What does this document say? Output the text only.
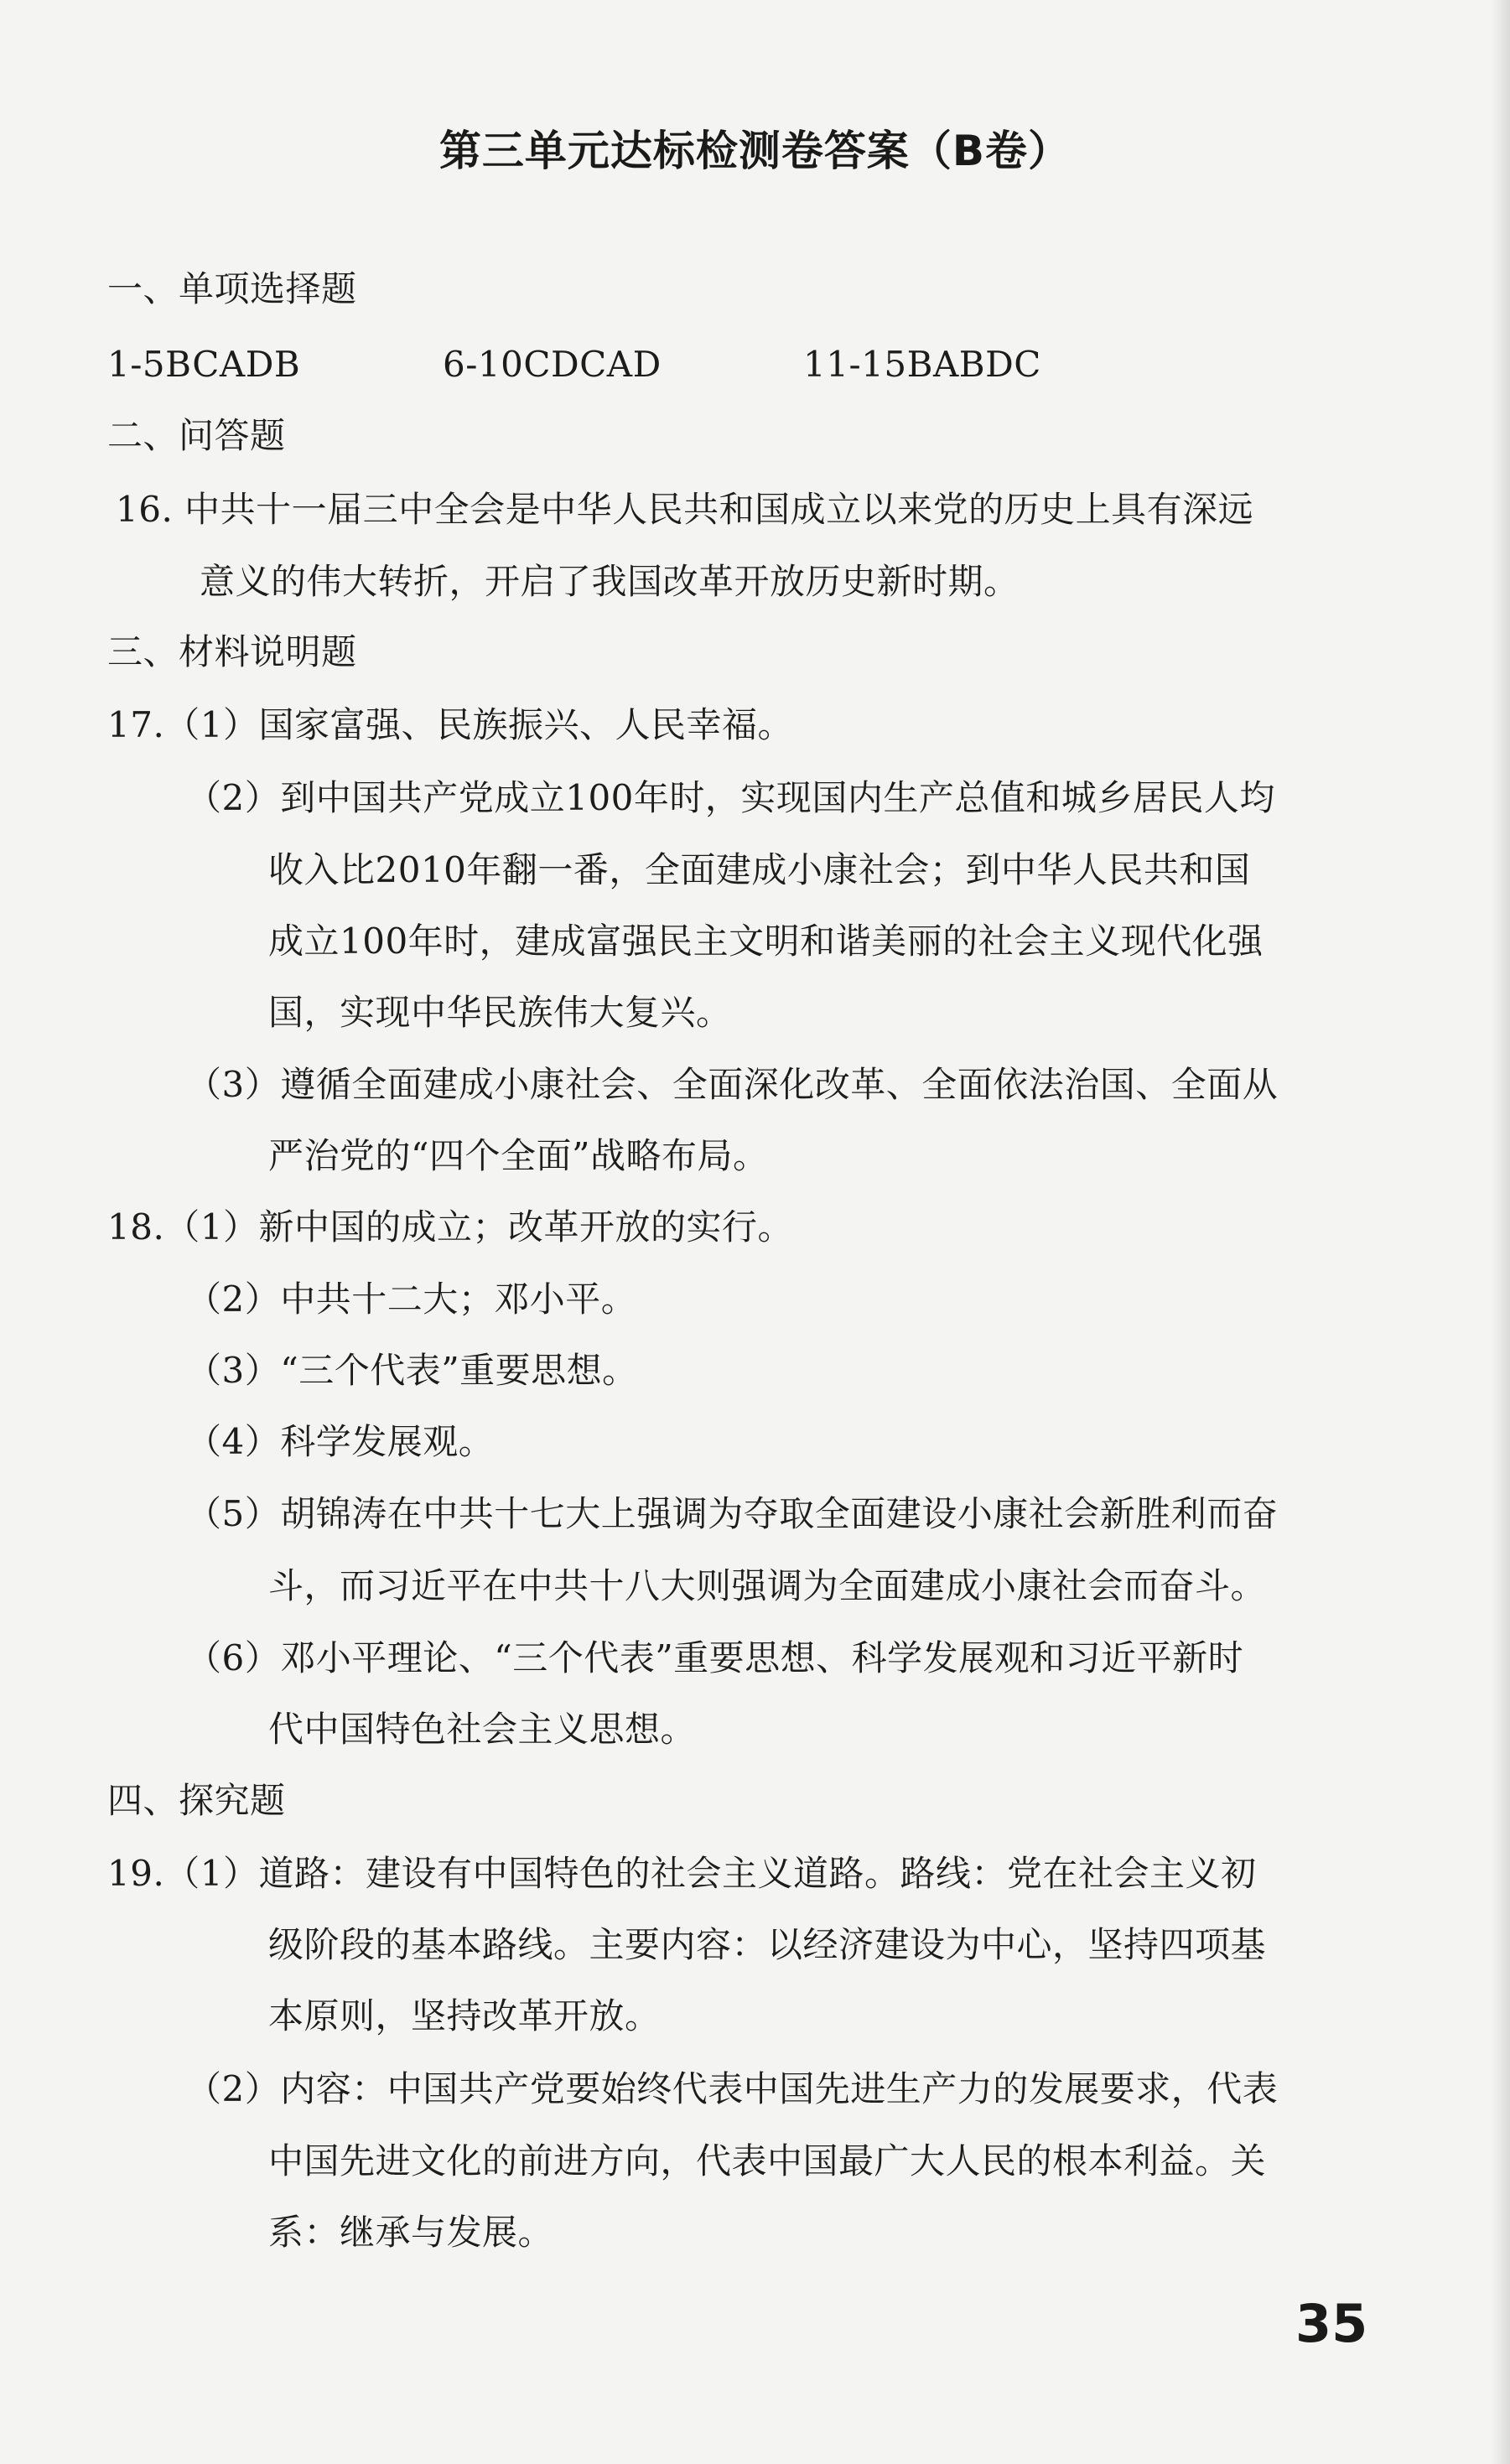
第三单元达标检测卷答案（B卷）
一、单项选择题
1-5BCADB	6-10CDCAD	11-15BABDC
二、问答题
16. 中共十一届三中全会是中华人民共和国成立以来党的历史上具有深远
意义的伟大转折，开启了我国改革开放历史新时期。
三、材料说明题
17.（1）国家富强、民族振兴、人民幸福。
（2）到中国共产党成立100年时，实现国内生产总值和城乡居民人均
收入比2010年翻一番，全面建成小康社会；到中华人民共和国
成立100年时，建成富强民主文明和谐美丽的社会主义现代化强
国，实现中华民族伟大复兴。
（3）遵循全面建成小康社会、全面深化改革、全面依法治国、全面从
严治党的“四个全面”战略布局。
18.（1）新中国的成立；改革开放的实行。
（2）中共十二大；邓小平。
（3）“三个代表”重要思想。
（4）科学发展观。
（5）胡锦涛在中共十七大上强调为夺取全面建设小康社会新胜利而奋
斗，而习近平在中共十八大则强调为全面建成小康社会而奋斗。
（6）邓小平理论、“三个代表”重要思想、科学发展观和习近平新时
代中国特色社会主义思想。
四、探究题
19.（1）道路：建设有中国特色的社会主义道路。路线：党在社会主义初
级阶段的基本路线。主要内容：以经济建设为中心，坚持四项基
本原则，坚持改革开放。
（2）内容：中国共产党要始终代表中国先进生产力的发展要求，代表
中国先进文化的前进方向，代表中国最广大人民的根本利益。关
系：继承与发展。
35
